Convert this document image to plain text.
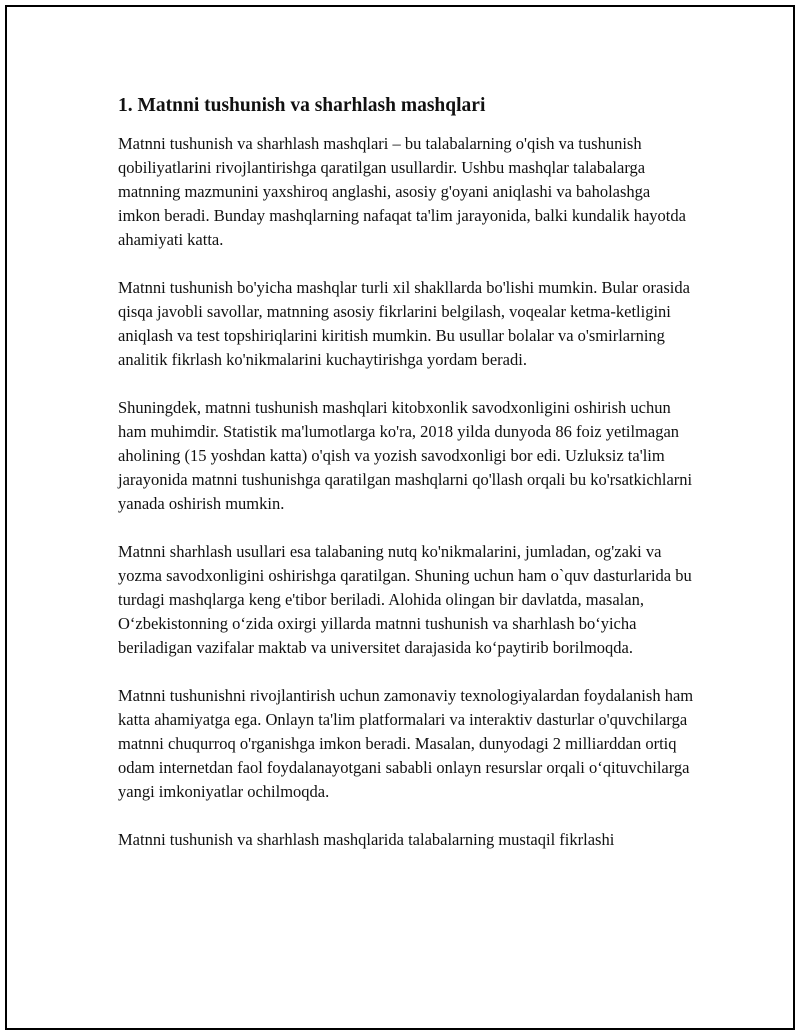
1. Matnni tushunish va sharhlash mashqlari

Matnni tushunish va sharhlash mashqlari – bu talabalarning o'qish va tushunish qobiliyatlarini rivojlantirishga qaratilgan usullardir. Ushbu mashqlar talabalarga matnning mazmunini yaxshiroq anglashi, asosiy g'oyani aniqlashi va baholashga imkon beradi. Bunday mashqlarning nafaqat ta'lim jarayonida, balki kundalik hayotda ahamiyati katta.

Matnni tushunish bo'yicha mashqlar turli xil shakllarda bo'lishi mumkin. Bular orasida qisqa javobli savollar, matnning asosiy fikrlarini belgilash, voqealar ketma-ketligini aniqlash va test topshiriqlarini kiritish mumkin. Bu usullar bolalar va o'smirlarning analitik fikrlash ko'nikmalarini kuchaytirishga yordam beradi.

Shuningdek, matnni tushunish mashqlari kitobxonlik savodxonligini oshirish uchun ham muhimdir. Statistik ma'lumotlarga ko'ra, 2018 yilda dunyoda 86 foiz yetilmagan aholining (15 yoshdan katta) o'qish va yozish savodxonligi bor edi. Uzluksiz ta'lim jarayonida matnni tushunishga qaratilgan mashqlarni qo'llash orqali bu ko'rsatkichlarni yanada oshirish mumkin.

Matnni sharhlash usullari esa talabaning nutq ko'nikmalarini, jumladan, og'zaki va yozma savodxonligini oshirishga qaratilgan. Shuning uchun ham o`quv dasturlarida bu turdagi mashqlarga keng e'tibor beriladi. Alohida olingan bir davlatda, masalan, O‘zbekistonning o‘zida oxirgi yillarda matnni tushunish va sharhlash bo‘yicha beriladigan vazifalar maktab va universitet darajasida ko‘paytirib borilmoqda.

Matnni tushunishni rivojlantirish uchun zamonaviy texnologiyalardan foydalanish ham katta ahamiyatga ega. Onlayn ta'lim platformalari va interaktiv dasturlar o'quvchilarga matnni chuqurroq o'rganishga imkon beradi. Masalan, dunyodagi 2 milliarddan ortiq odam internetdan faol foydalanayotgani sababli onlayn resurslar orqali o‘qituvchilarga yangi imkoniyatlar ochilmoqda.

Matnni tushunish va sharhlash mashqlarida talabalarning mustaqil fikrlashi
